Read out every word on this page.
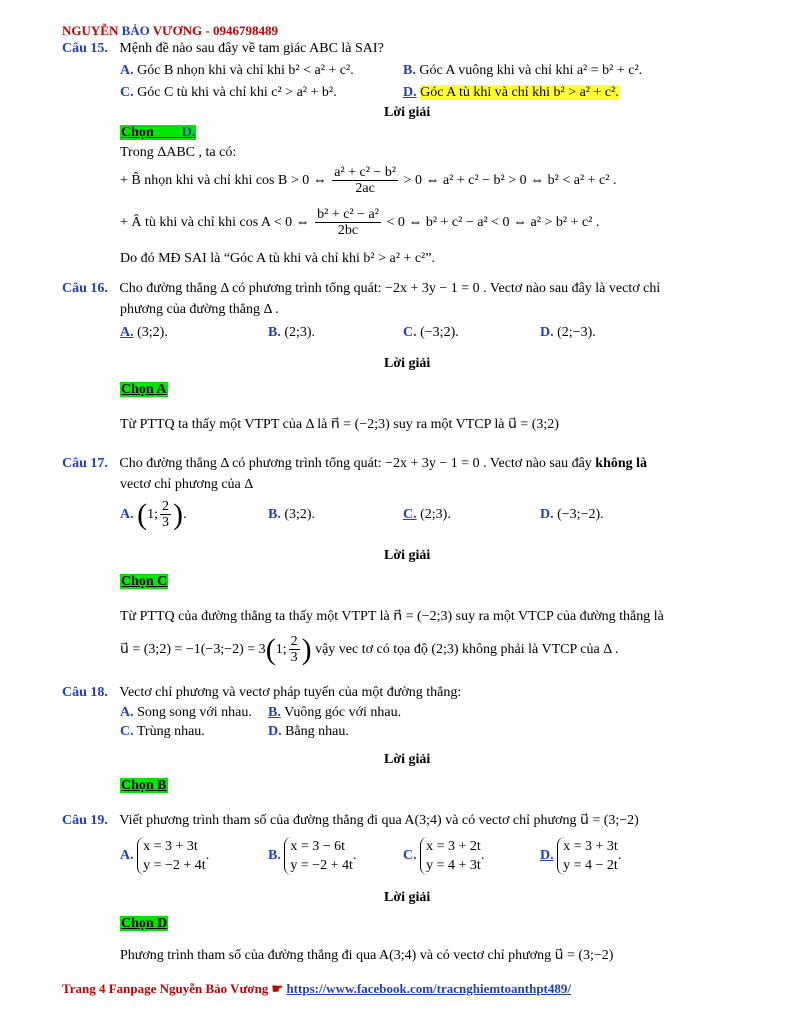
NGUYỄN BẢO VƯƠNG - 0946798489
Câu 15. Mệnh đề nào sau đây về tam giác ABC là SAI?
A. Góc B nhọn khi và chỉ khi b² < a² + c².	B. Góc A vuông khi và chỉ khi a² = b² + c².
C. Góc C tù khi và chỉ khi c² > a² + b².	D. Góc A tù khi và chỉ khi b² > a² + c².
Lời giải
Chọn D.
Trong ΔABC , ta có:
+ B̂ nhọn khi và chỉ khi cos B > 0 ⇔ $\frac{\text{a² + c² − b²}}{2ac} > 0$ ⇔ a² + c² − b² > 0 ⇔ b² < a² + c² .
+ Â tù khi và chỉ khi cos A < 0 ⇔ $\frac{\text{b² + c² − a²}}{2bc} < 0$ ⇔ b² + c² − a² < 0 ⇔ a² > b² + c² .
Do đó MĐ SAI là “Góc A tù khi và chỉ khi b² > a² + c²”.
Câu 16. Cho đường thẳng Δ có phương trình tổng quát: −2x + 3y − 1 = 0 . Vectơ nào sau đây là vectơ chỉ
phương của đường thẳng Δ .
A. (3;2).	B. (2;3).	C. (−3;2).	D. (2;−3).
Lời giải
Chọn A
Từ PTTQ ta thấy một VTPT của Δ là n⃗ = (−2;3) suy ra một VTCP là u⃗ = (3;2)
Câu 17. Cho đường thẳng Δ có phương trình tổng quát: −2x + 3y − 1 = 0 . Vectơ nào sau đây không là
vectơ chỉ phương của Δ
A. (1; $\frac{2}{3}$ ).	B. (3;2).	C. (2;3).	D. (−3;−2).
Lời giải
Chọn C
Từ PTTQ của đường thẳng ta thấy một VTPT là n⃗ = (−2;3) suy ra một VTCP của đường thẳng là
u⃗ = (3;2) = −1(−3;−2) = 3(1; $\frac{2}{3}$ ) vậy vec tơ có tọa độ (2;3) không phải là VTCP của Δ .
Câu 18. Vectơ chỉ phương và vectơ pháp tuyến của một đường thẳng:
A. Song song với nhau. B. Vuông góc với nhau.
C. Trùng nhau.	D. Bằng nhau.
Lời giải
Chọn B
Câu 19. Viết phương trình tham số của đường thẳng đi qua A(3;4) và có vectơ chỉ phương u⃗ = (3;−2)
A.
x = 3 + 3t
y = −2 + 4t
.	B.
x = 3 − 6t
y = −2 + 4t
.	C.
x = 3 + 2t
y = 4 + 3t
.	D.
x = 3 + 3t
y = 4 − 2t
.
Lời giải
Chọn D
Phương trình tham số của đường thẳng đi qua A(3;4) và có vectơ chỉ phương u⃗ = (3;−2)
Trang 4 Fanpage Nguyễn Bảo Vương ☛ https://www.facebook.com/tracnghiemtoanthpt489/
